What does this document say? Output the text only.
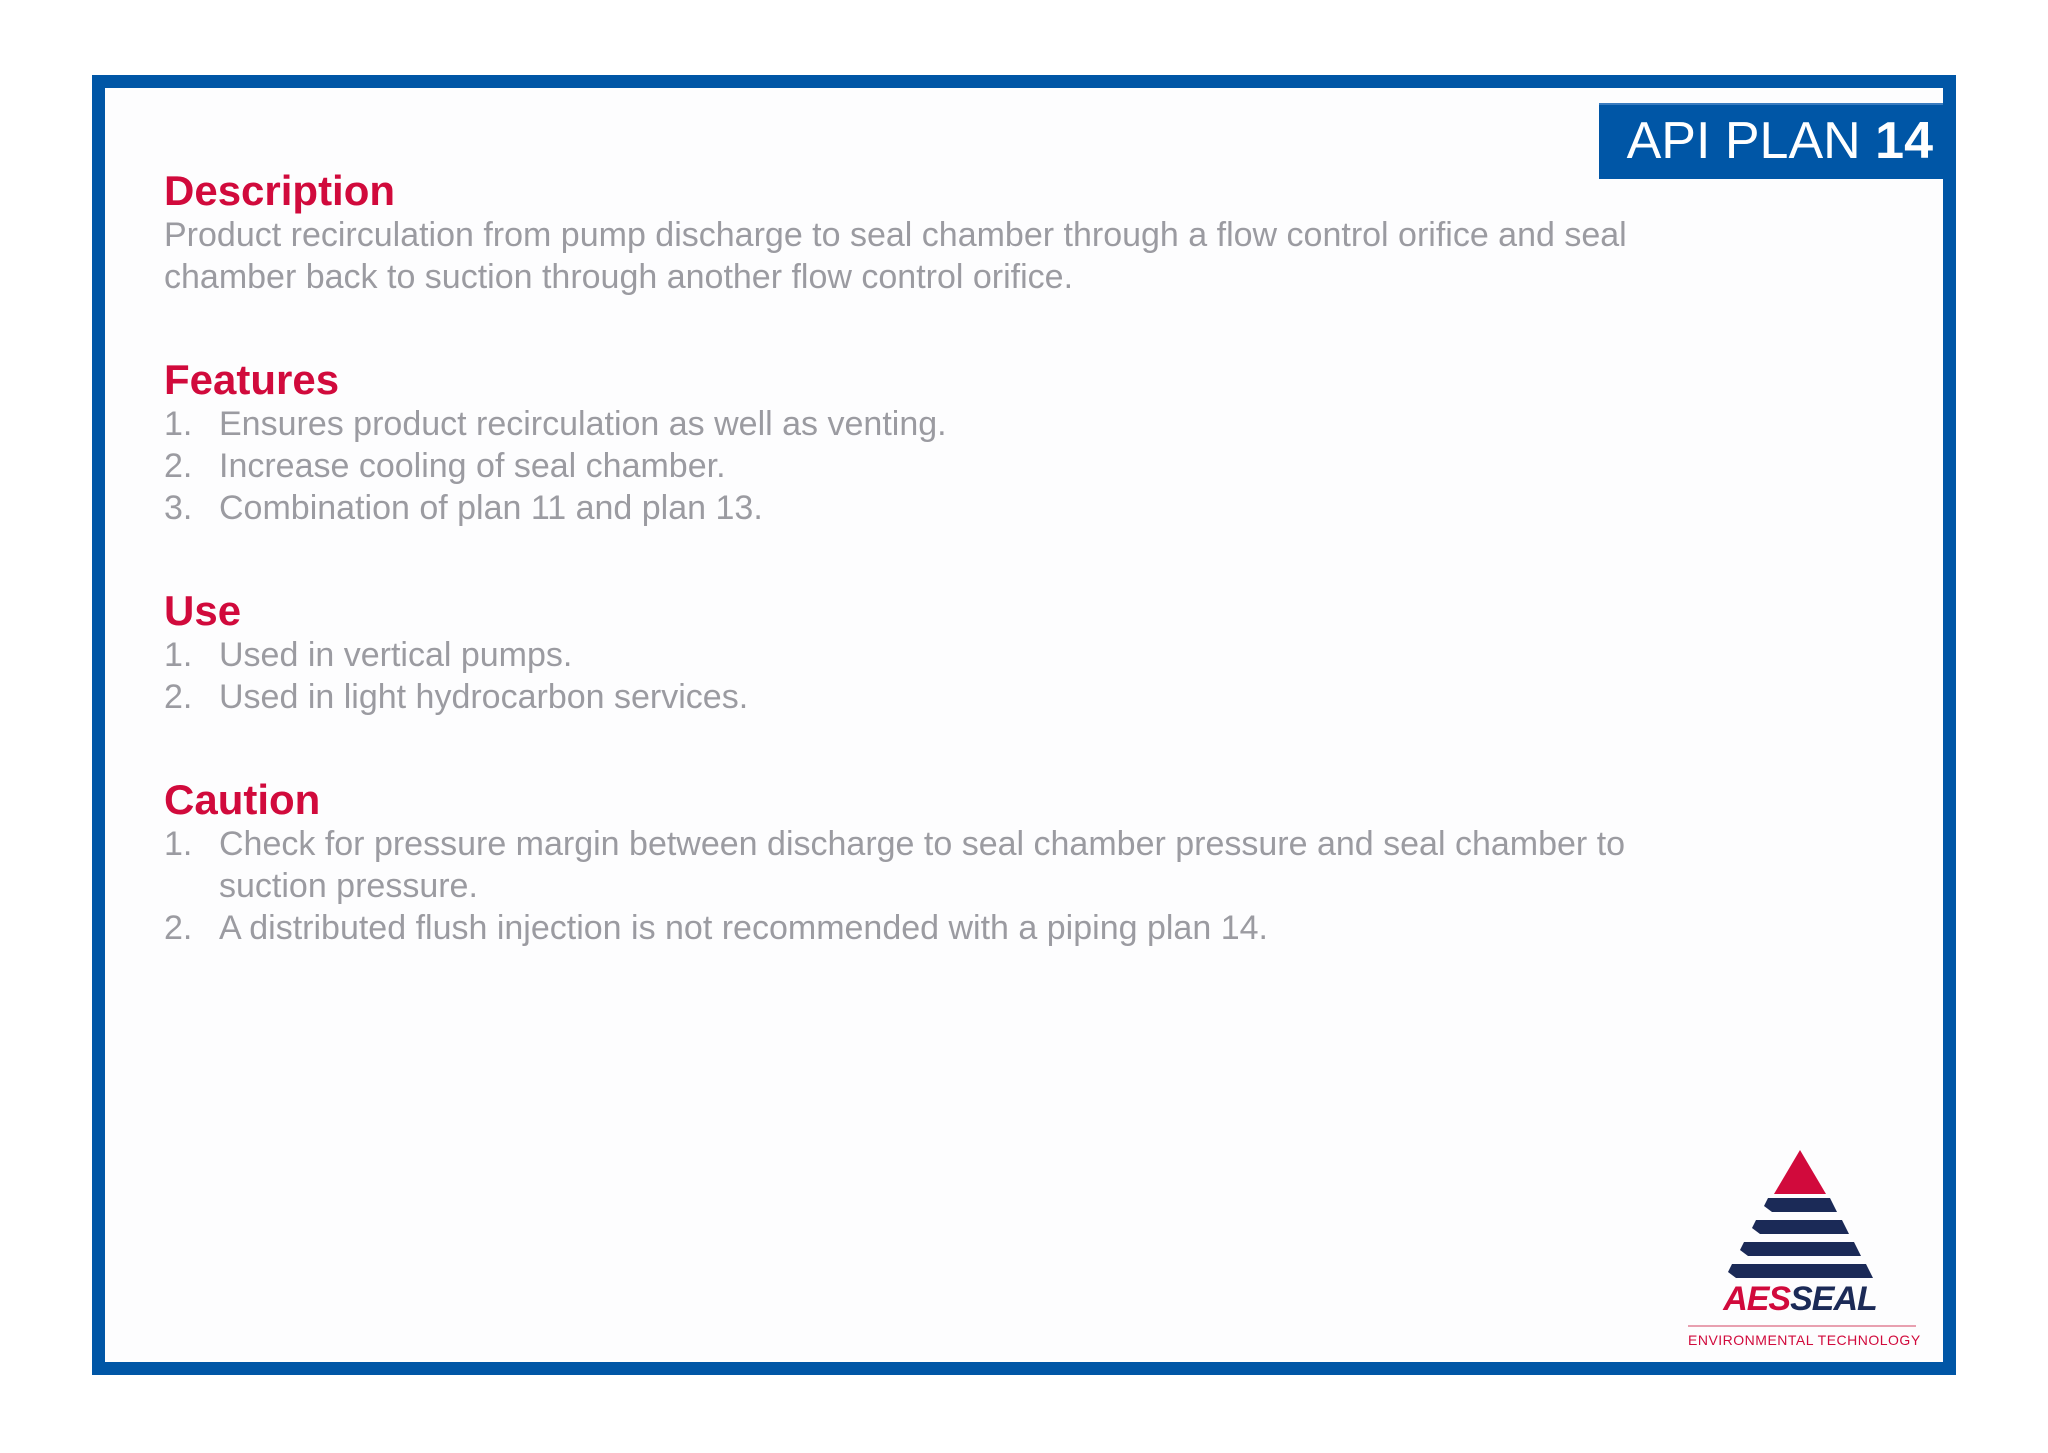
API PLAN 14
Description

Product recirculation from pump discharge to seal chamber through a flow control orifice and seal

chamber back to suction through another flow control orifice.

Features
1. Ensures product recirculation as well as venting.
2. Increase cooling of seal chamber.
3. Combination of plan 11 and plan 13.
Use
1. Used in vertical pumps.
2. Used in light hydrocarbon services.
Caution
1. Check for pressure margin between discharge to seal chamber pressure and seal chamber to
suction pressure.
2. A distributed flush injection is not recommended with a piping plan 14.
AESSEAL
ENVIRONMENTAL TECHNOLOGY
